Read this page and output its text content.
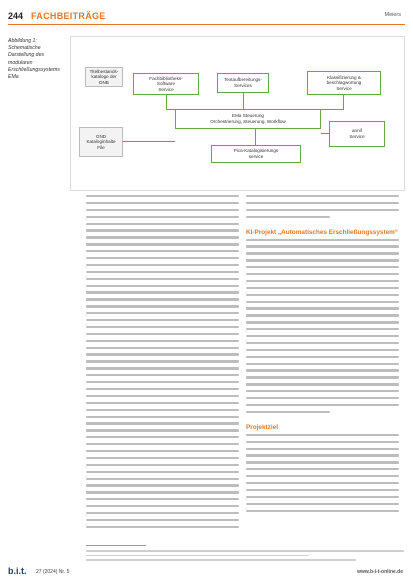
244 FACHBEITRÄGE	Meiers
Abbildung 1: Schematische Darstellung des modularen Erschließungssystems EMa
Titelbestands-
kataloge der DNB
Fachbibliotheks-
Software
Service
Textaufbereitungs-
Services
Klassifizierung &
beschlagwortung
Service
EMa Steuerung
Orchestrierung, Steuerung, Workflow
GND
Kataloginhalte
File
annif
Service
Pica-Katalogisierungs
service
KI-Projekt „Automatisches Erschließungssystem“
Projektziel
b.i.t. 27 (2024) Nr. 5	www.b-i-t-online.de
